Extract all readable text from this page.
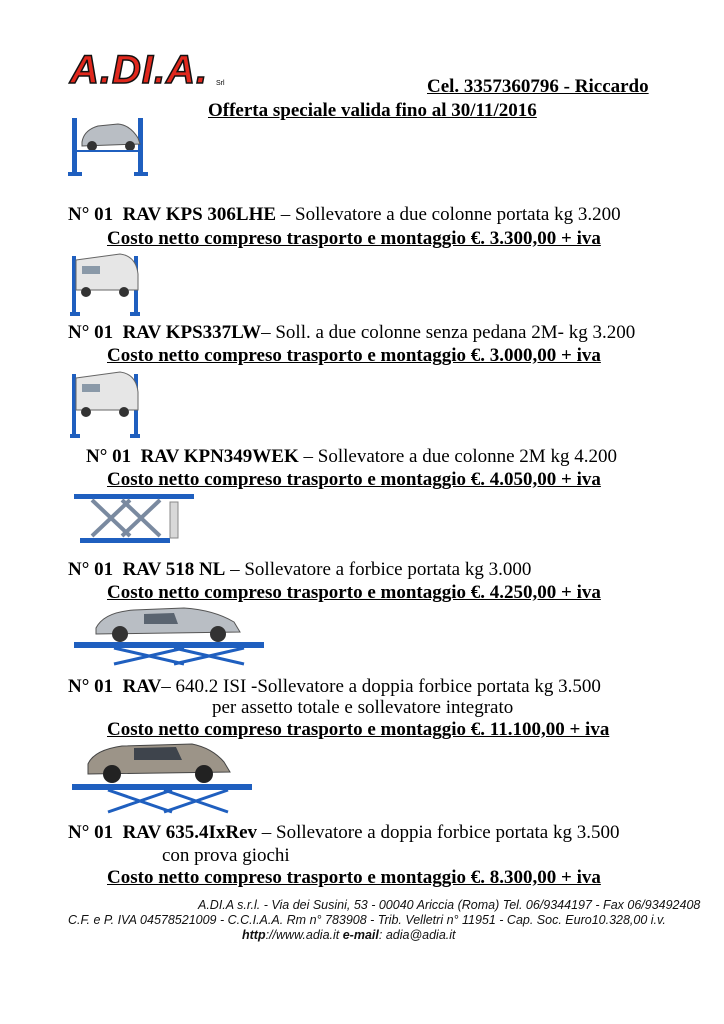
A.DI.A.	Srl	Cel. 3357360796 - Riccardo
Offerta speciale valida fino al 30/11/2016
N° 01 RAV KPS 306LHE – Sollevatore a due colonne portata kg 3.200
Costo netto compreso trasporto e montaggio €. 3.300,00 + iva
N° 01 RAV KPS337LW– Soll. a due colonne senza pedana 2M- kg 3.200
Costo netto compreso trasporto e montaggio €. 3.000,00 + iva
N° 01 RAV KPN349WEK – Sollevatore a due colonne 2M kg 4.200
Costo netto compreso trasporto e montaggio €. 4.050,00 + iva
N° 01 RAV 518 NL – Sollevatore a forbice portata kg 3.000
Costo netto compreso trasporto e montaggio €. 4.250,00 + iva
N° 01 RAV– 640.2 ISI -Sollevatore a doppia forbice portata kg 3.500
per assetto totale e sollevatore integrato
Costo netto compreso trasporto e montaggio €. 11.100,00 + iva
N° 01 RAV 635.4IxRev – Sollevatore a doppia forbice portata kg 3.500
con prova giochi
Costo netto compreso trasporto e montaggio €. 8.300,00 + iva
A.DI.A s.r.l. - Via dei Susini, 53 - 00040 Ariccia (Roma) Tel. 06/9344197 - Fax 06/93492408
C.F. e P. IVA 04578521009 - C.C.I.A.A. Rm n° 783908 - Trib. Velletri n° 11951 - Cap. Soc. Euro10.328,00 i.v.
http://www.adia.it e-mail: adia@adia.it
